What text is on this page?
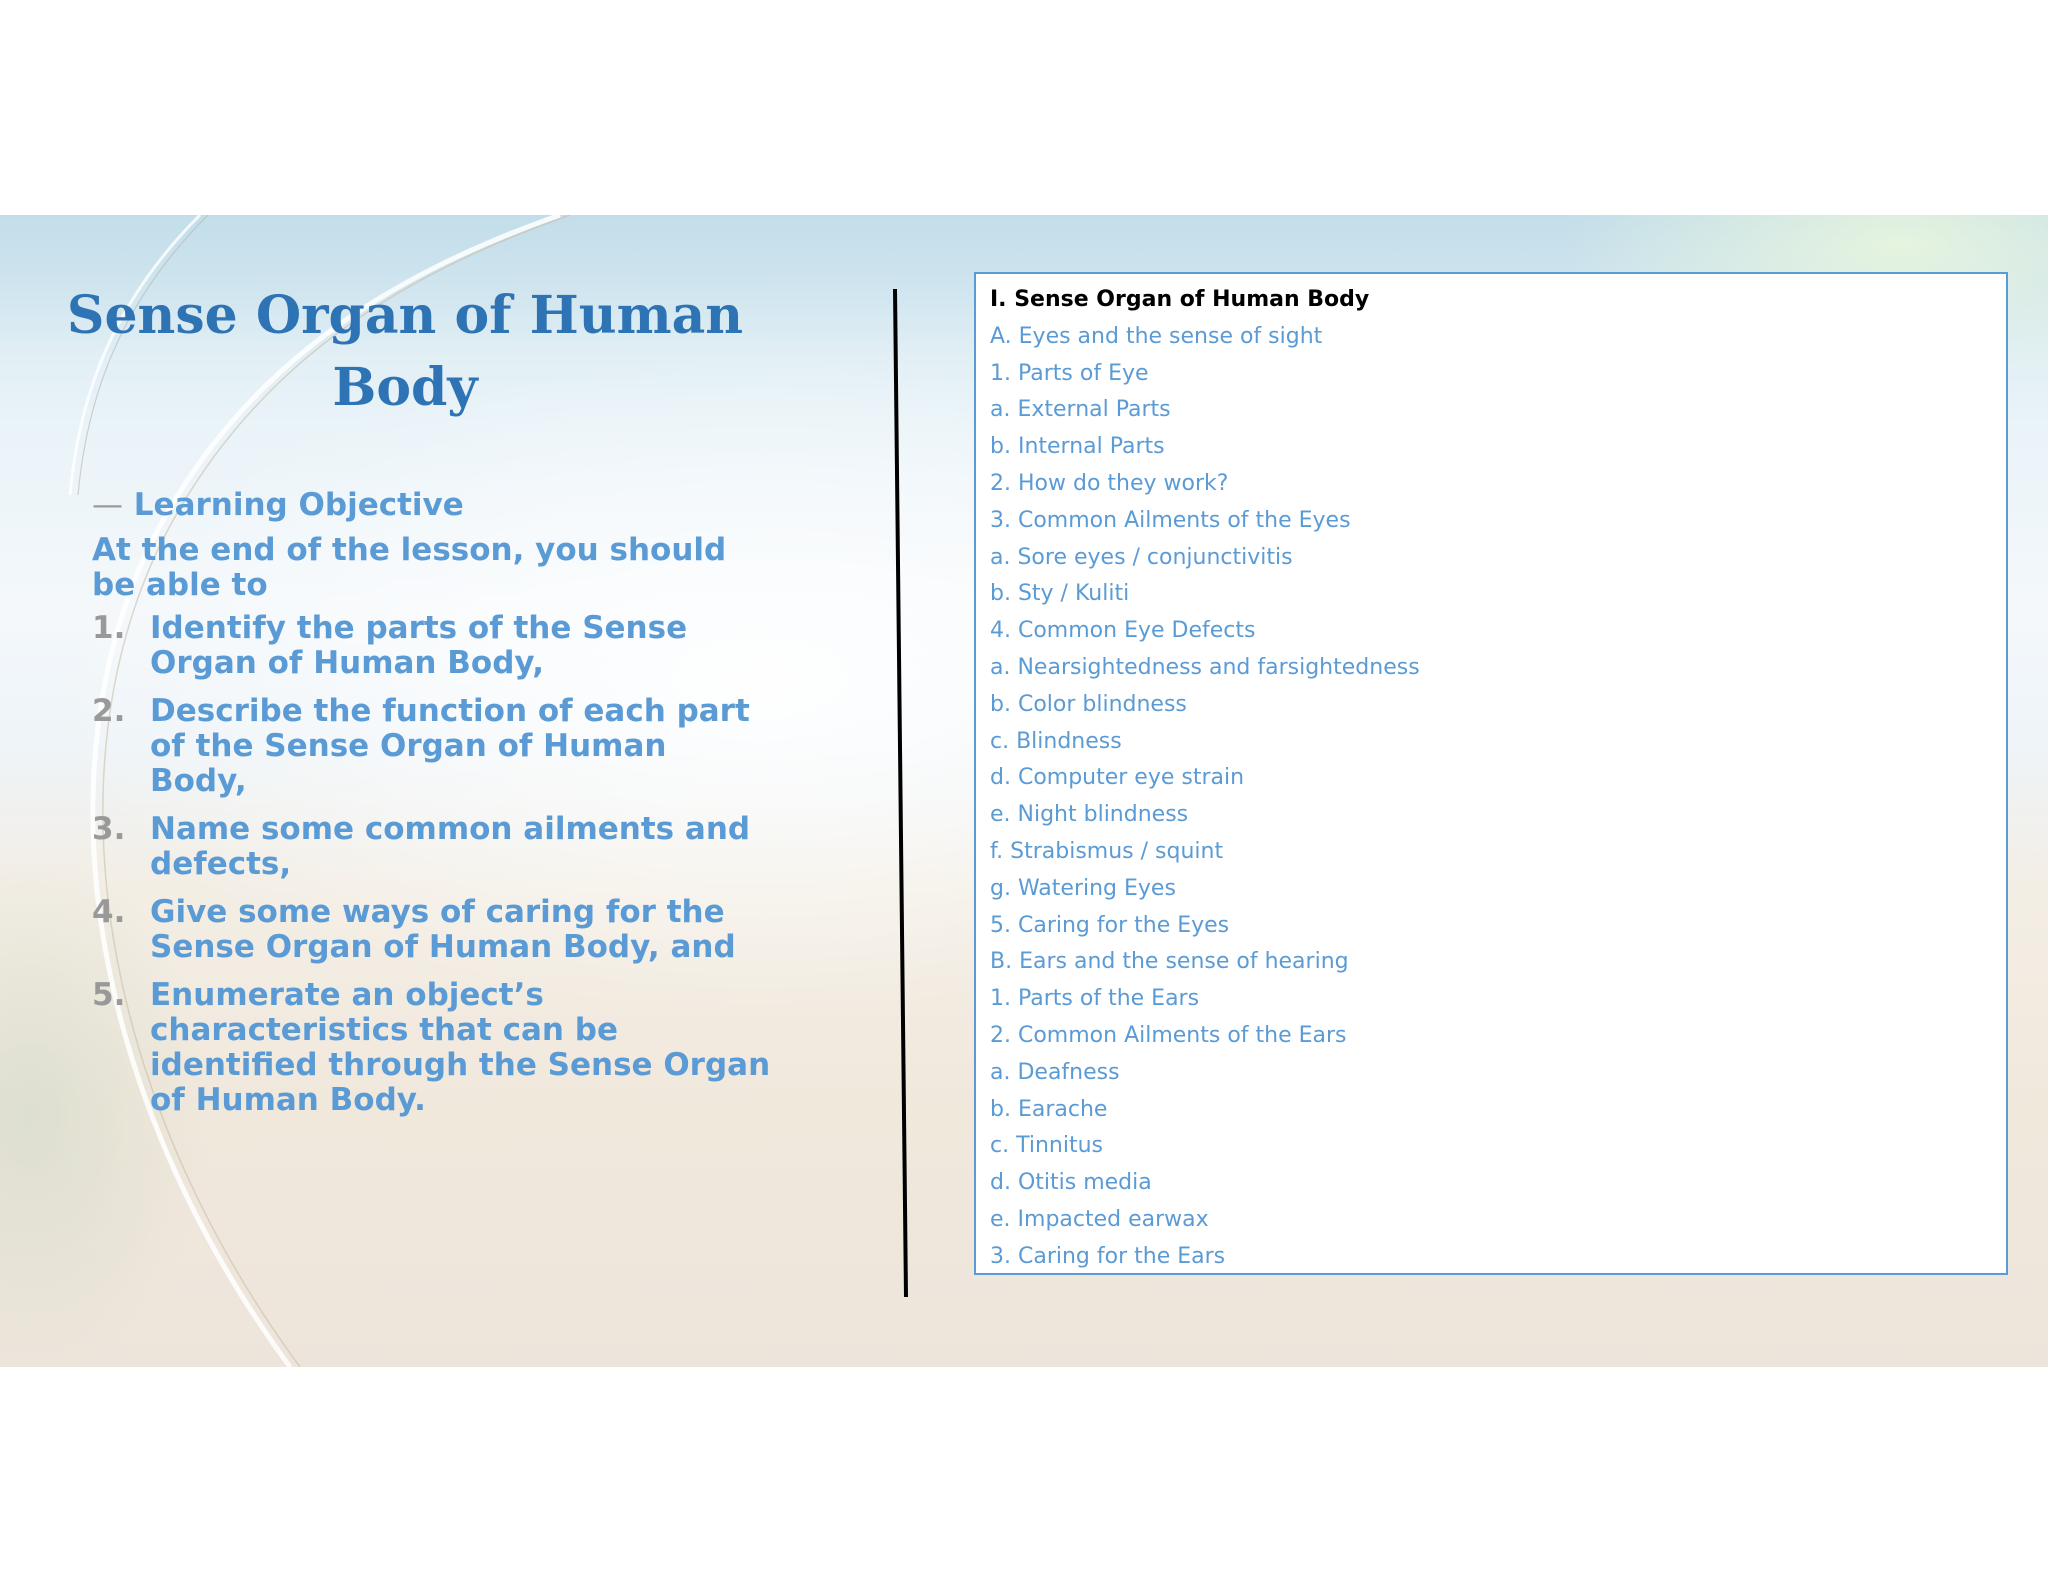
Sense Organ of Human Body
— Learning Objective
At the end of the lesson, you should be able to
1. Identify the parts of the Sense Organ of Human Body,
2. Describe the function of each part of the Sense Organ of Human Body,
3. Name some common ailments and defects,
4. Give some ways of caring for the Sense Organ of Human Body, and
5. Enumerate an object’s characteristics that can be identified through the Sense Organ of Human Body.
I. Sense Organ of Human Body
A. Eyes and the sense of sight
1. Parts of Eye
a. External Parts
b. Internal Parts
2. How do they work?
3. Common Ailments of the Eyes
a. Sore eyes / conjunctivitis
b. Sty / Kuliti
4. Common Eye Defects
a. Nearsightedness and farsightedness
b. Color blindness
c. Blindness
d. Computer eye strain
e. Night blindness
f. Strabismus / squint
g. Watering Eyes
5. Caring for the Eyes
B. Ears and the sense of hearing
1. Parts of the Ears
2. Common Ailments of the Ears
a. Deafness
b. Earache
c. Tinnitus
d. Otitis media
e. Impacted earwax
3. Caring for the Ears
